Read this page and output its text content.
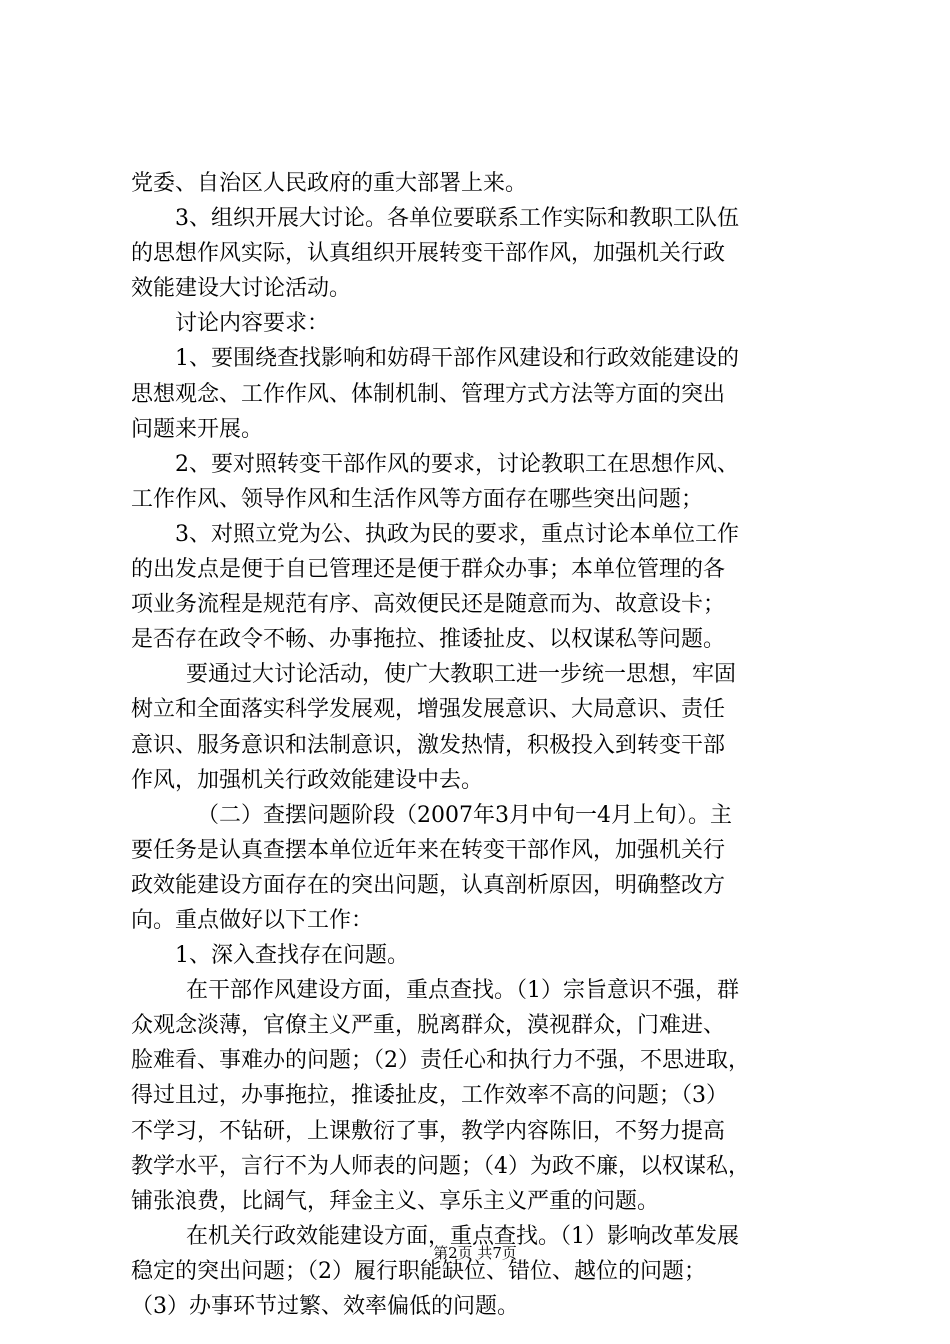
党委、自治区人民政府的重大部署上来。
3、组织开展大讨论。各单位要联系工作实际和教职工队伍
的思想作风实际，认真组织开展转变干部作风，加强机关行政
效能建设大讨论活动。
讨论内容要求：
1、要围绕查找影响和妨碍干部作风建设和行政效能建设的
思想观念、工作作风、体制机制、管理方式方法等方面的突出
问题来开展。
2、要对照转变干部作风的要求，讨论教职工在思想作风、
工作作风、领导作风和生活作风等方面存在哪些突出问题；
3、对照立党为公、执政为民的要求，重点讨论本单位工作
的出发点是便于自已管理还是便于群众办事；本单位管理的各
项业务流程是规范有序、高效便民还是随意而为、故意设卡；
是否存在政令不畅、办事拖拉、推诿扯皮、以权谋私等问题。
要通过大讨论活动，使广大教职工进一步统一思想，牢固
树立和全面落实科学发展观，增强发展意识、大局意识、责任
意识、服务意识和法制意识，激发热情，积极投入到转变干部
作风，加强机关行政效能建设中去。
（二）查摆问题阶段（2007年3月中旬一4月上旬）。主
要任务是认真查摆本单位近年来在转变干部作风，加强机关行
政效能建设方面存在的突出问题，认真剖析原因，明确整改方
向。重点做好以下工作：
1、深入查找存在问题。
在干部作风建设方面，重点查找。（1）宗旨意识不强，群
众观念淡薄，官僚主义严重，脱离群众，漠视群众，门难进、
脸难看、事难办的问题；（2）责任心和执行力不强，不思进取，
得过且过，办事拖拉，推诿扯皮，工作效率不高的问题；（3）
不学习，不钻研，上课敷衍了事，教学内容陈旧，不努力提高
教学水平，言行不为人师表的问题；（4）为政不廉，以权谋私，
铺张浪费，比阔气，拜金主义、享乐主义严重的问题。
在机关行政效能建设方面，重点查找。（1）影响改革发展
稳定的突出问题；（2）履行职能缺位、错位、越位的问题；
（3）办事环节过繁、效率偏低的问题。
第2页 共7页
